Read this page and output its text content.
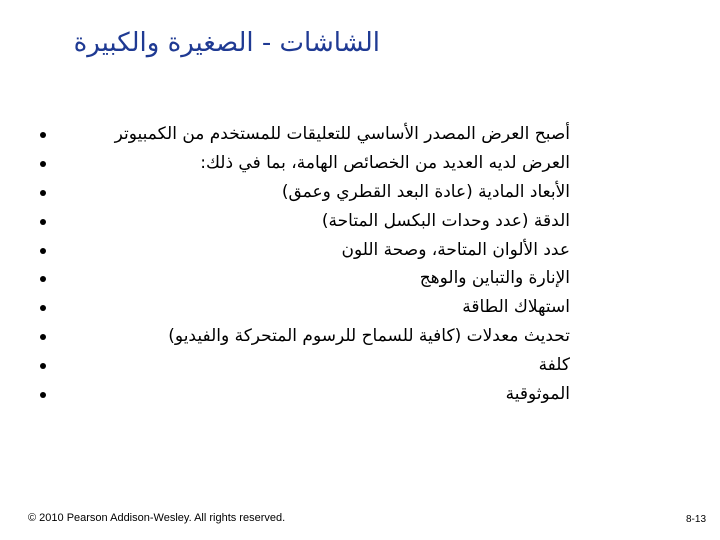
الشاشات - الصغيرة والكبيرة
أصبح العرض المصدر الأساسي للتعليقات للمستخدم من الكمبيوتر
العرض لديه العديد من الخصائص الهامة، بما في ذلك:
الأبعاد المادية (عادة البعد القطري وعمق)
الدقة (عدد وحدات البكسل المتاحة)
عدد الألوان المتاحة، وصحة اللون
الإنارة والتباين والوهج
استهلاك الطاقة
تحديث معدلات (كافية للسماح للرسوم المتحركة والفيديو)
كلفة
الموثوقية
© 2010 Pearson Addison-Wesley. All rights reserved.	8-13
